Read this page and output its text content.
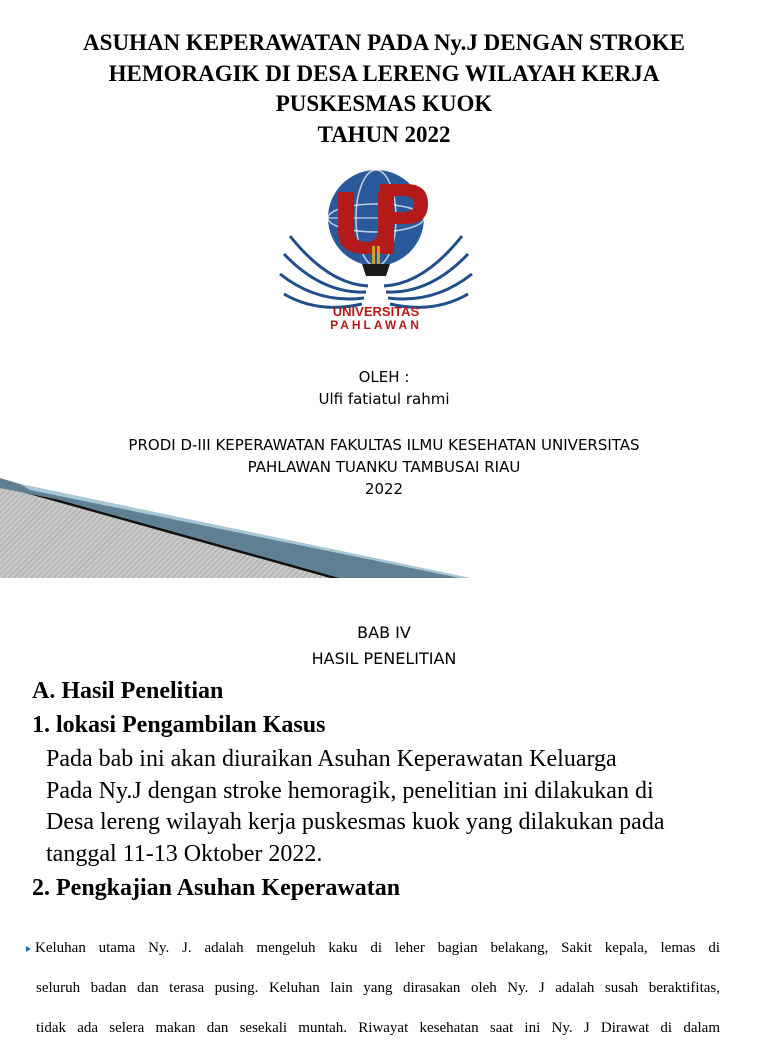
ASUHAN KEPERAWATAN PADA Ny.J DENGAN STROKE
HEMORAGIK DI DESA LERENG WILAYAH KERJA
PUSKESMAS KUOK
TAHUN 2022
UNIVERSITAS
PAHLAWAN
OLEH :
Ulfi fatiatul rahmi
PRODI D-III KEPERAWATAN FAKULTAS ILMU KESEHATAN UNIVERSITAS
PAHLAWAN TUANKU TAMBUSAI RIAU
2022
BAB IV
HASIL PENELITIAN
A. Hasil Penelitian
1. lokasi Pengambilan Kasus
Pada bab ini akan diuraikan Asuhan Keperawatan Keluarga
Pada Ny.J dengan stroke hemoragik, penelitian ini dilakukan di
Desa lereng wilayah kerja puskesmas kuok yang dilakukan pada
tanggal 11-13 Oktober 2022.
2. Pengkajian Asuhan Keperawatan
Keluhan utama Ny. J. adalah mengeluh kaku di leher bagian belakang, Sakit kepala, lemas di
seluruh badan dan terasa pusing. Keluhan lain yang dirasakan oleh Ny. J adalah susah beraktifitas,
tidak ada selera makan dan sesekali muntah. Riwayat kesehatan saat ini Ny. J Dirawat di dalam
